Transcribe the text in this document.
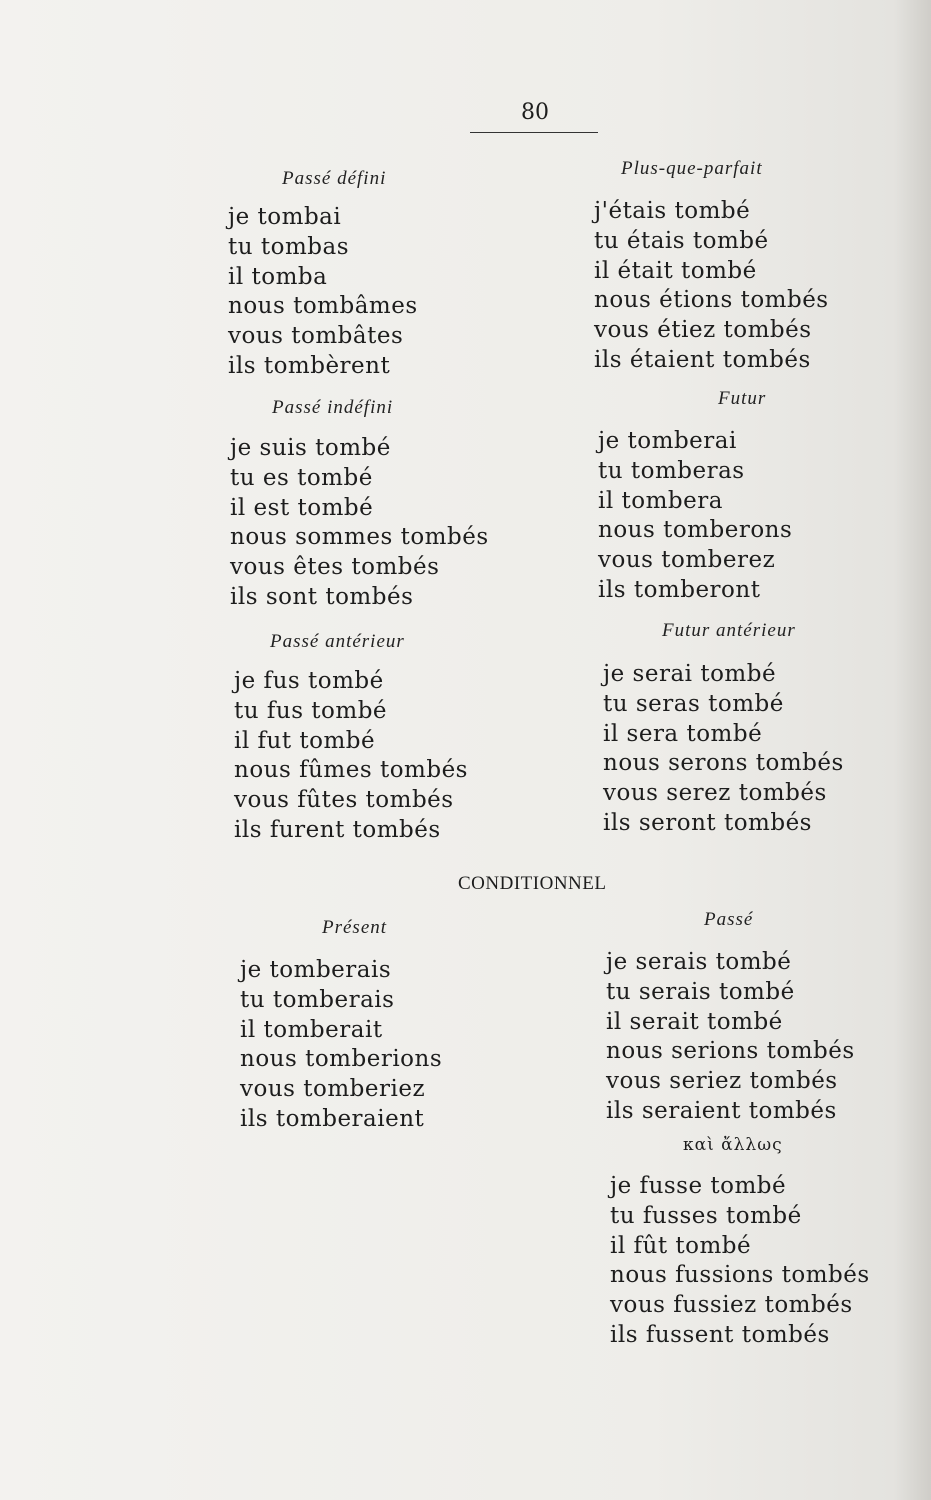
80
Passé défini
je tombai
tu tombas
il tomba
nous tombâmes
vous tombâtes
ils tombèrent
Passé indéfini
je suis tombé
tu es tombé
il est tombé
nous sommes tombés
vous êtes tombés
ils sont tombés
Passé antérieur
je fus tombé
tu fus tombé
il fut tombé
nous fûmes tombés
vous fûtes tombés
ils furent tombés
Plus-que-parfait
j'étais tombé
tu étais tombé
il était tombé
nous étions tombés
vous étiez tombés
ils étaient tombés
Futur
je tomberai
tu tomberas
il tombera
nous tomberons
vous tomberez
ils tomberont
Futur antérieur
je serai tombé
tu seras tombé
il sera tombé
nous serons tombés
vous serez tombés
ils seront tombés
CONDITIONNEL
Présent
je tomberais
tu tomberais
il tomberait
nous tomberions
vous tomberiez
ils tomberaient
Passé
je serais tombé
tu serais tombé
il serait tombé
nous serions tombés
vous seriez tombés
ils seraient tombés
καὶ ἄλλως
je fusse tombé
tu fusses tombé
il fût tombé
nous fussions tombés
vous fussiez tombés
ils fussent tombés
